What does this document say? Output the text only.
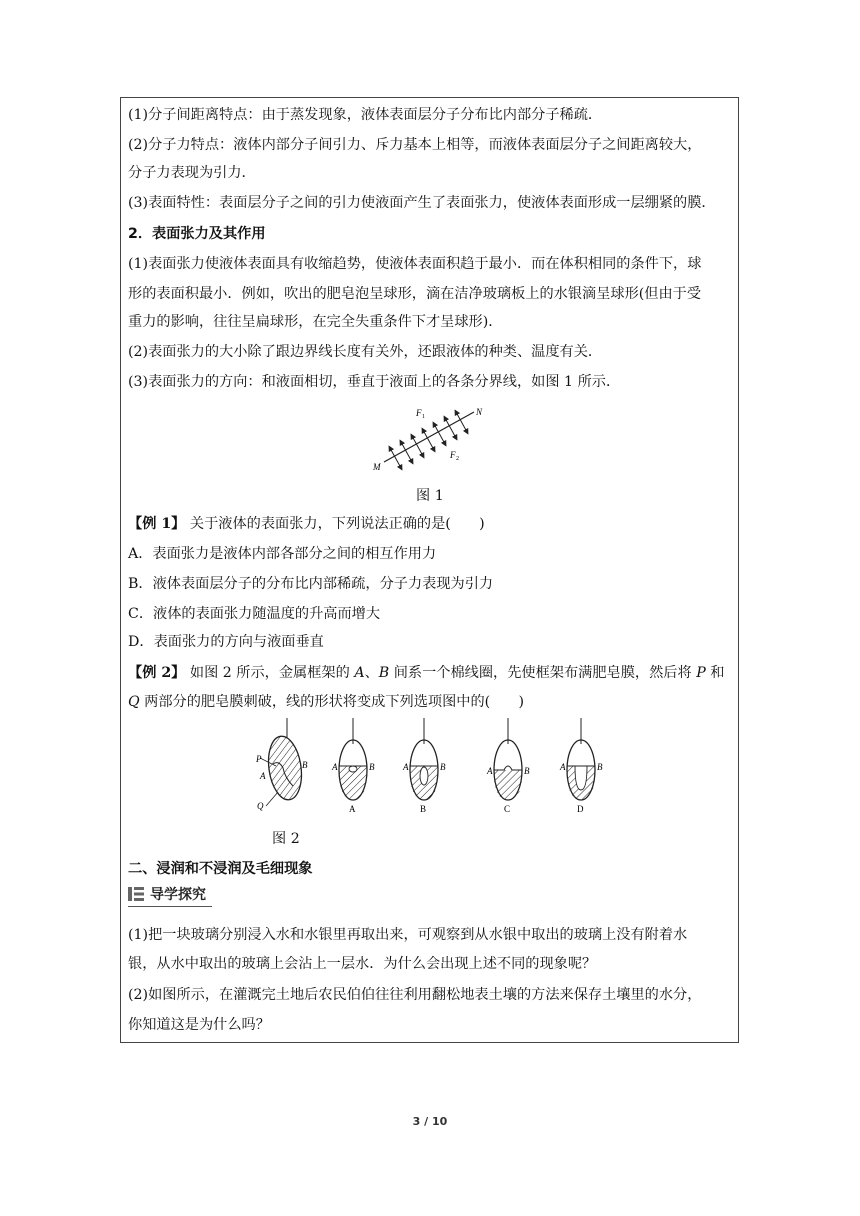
(1)分子间距离特点：由于蒸发现象，液体表面层分子分布比内部分子稀疏．
(2)分子力特点：液体内部分子间引力、斥力基本上相等，而液体表面层分子之间距离较大，
分子力表现为引力．
(3)表面特性：表面层分子之间的引力使液面产生了表面张力，使液体表面形成一层绷紧的膜．
2．表面张力及其作用
(1)表面张力使液体表面具有收缩趋势，使液体表面积趋于最小．而在体积相同的条件下，球
形的表面积最小．例如，吹出的肥皂泡呈球形，滴在洁净玻璃板上的水银滴呈球形(但由于受
重力的影响，往往呈扁球形，在完全失重条件下才呈球形)．
(2)表面张力的大小除了跟边界线长度有关外，还跟液体的种类、温度有关．
(3)表面张力的方向：和液面相切，垂直于液面上的各条分界线，如图 1 所示．
M
N
F 1
F 2
图 1
【例 1】 关于液体的表面张力，下列说法正确的是(　　)
A．表面张力是液体内部各部分之间的相互作用力
B．液体表面层分子的分布比内部稀疏，分子力表现为引力
C．液体的表面张力随温度的升高而增大
D．表面张力的方向与液面垂直
【例 2】 如图 2 所示，金属框架的 A、B 间系一个棉线圈，先使框架布满肥皂膜，然后将 P 和
Q 两部分的肥皂膜刺破，线的形状将变成下列选项图中的(　　)
P
A
B
Q
A	B
A
A	B
B
A	B
C
A	B
D
图 2
二、浸润和不浸润及毛细现象
导学探究
(1)把一块玻璃分别浸入水和水银里再取出来，可观察到从水银中取出的玻璃上没有附着水
银，从水中取出的玻璃上会沾上一层水．为什么会出现上述不同的现象呢？
(2)如图所示，在灌溉完土地后农民伯伯往往利用翻松地表土壤的方法来保存土壤里的水分，
你知道这是为什么吗？
3 / 10
